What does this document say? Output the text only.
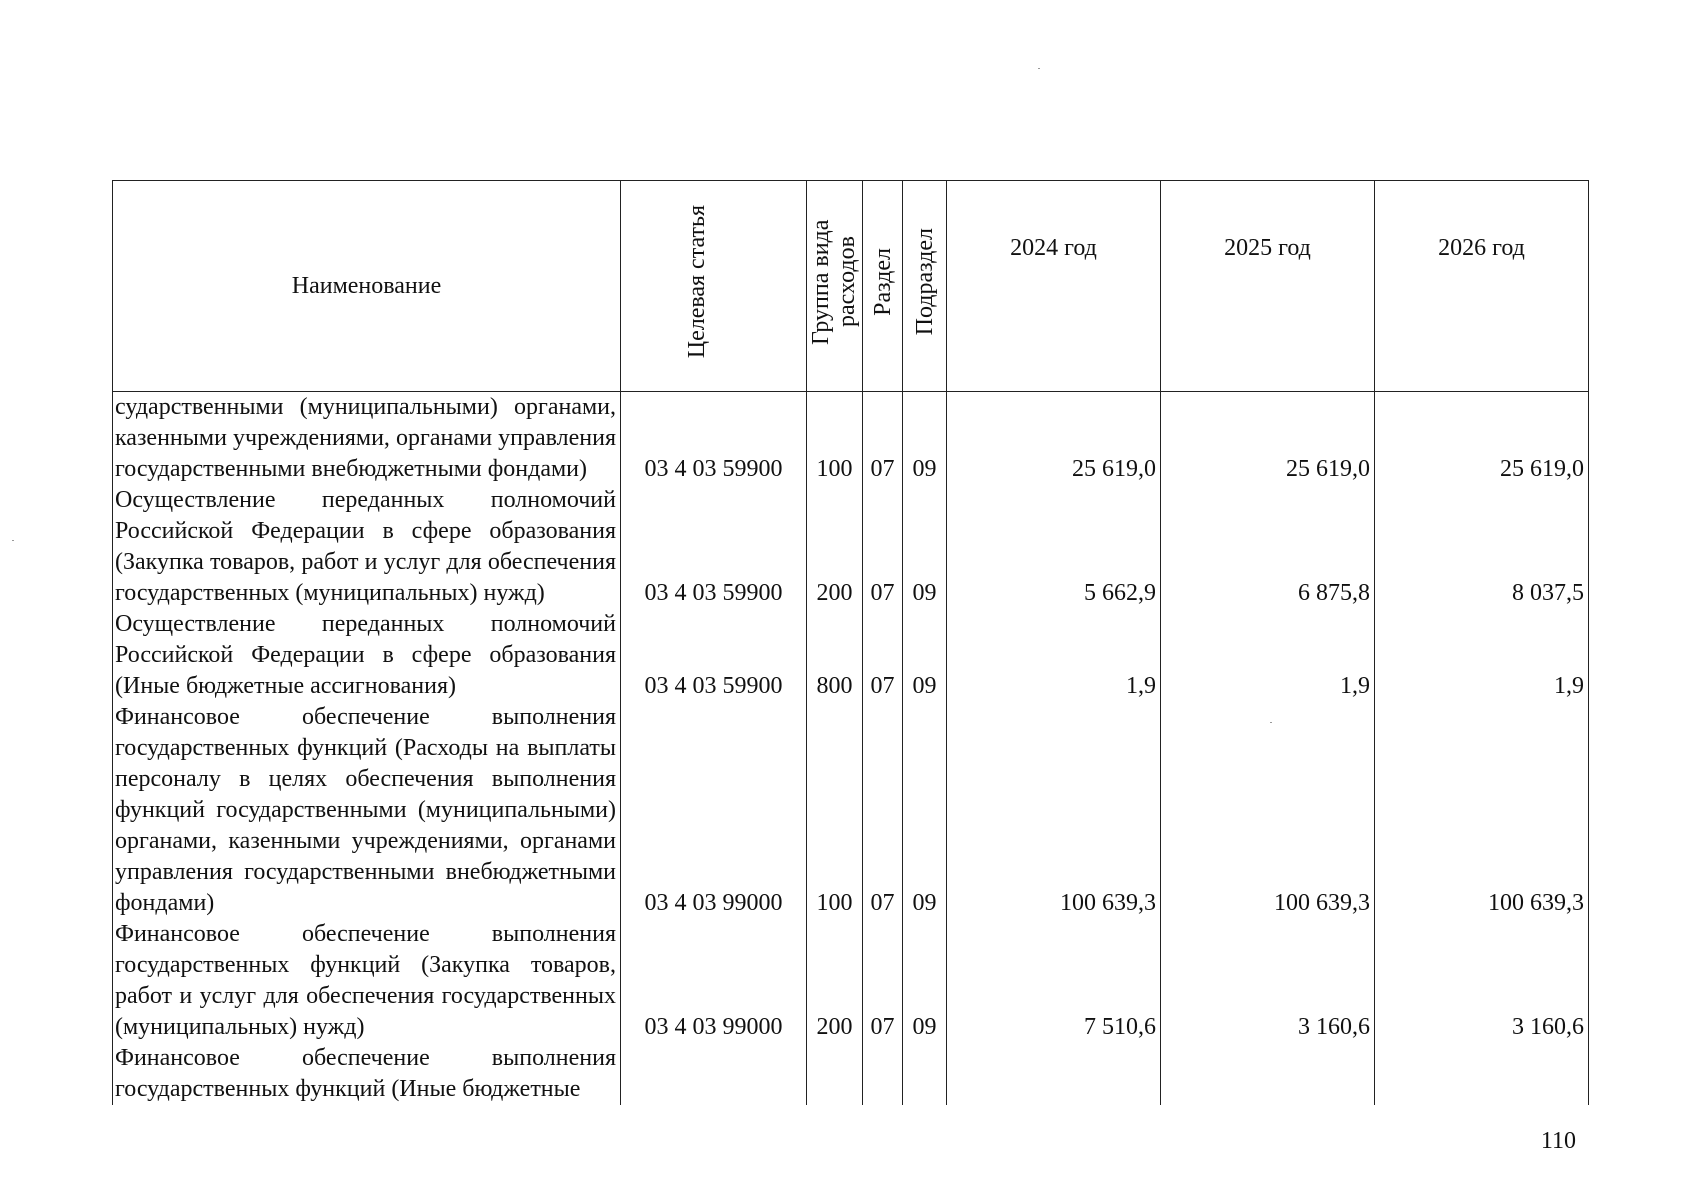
Наименование	Целевая статья	Группа вида расходов	Раздел	Подраздел	2024 год	2025 год	2026 год
сударственными (муниципальными) органами, казенными учреждениями, органами управления государственными внебюджетными фондами)	03 4 03 59900	100	07	09	25 619,0	25 619,0	25 619,0
Осуществление переданных полномочий Российской Федерации в сфере образования (Закупка товаров, работ и услуг для обеспечения государственных (муниципальных) нужд)	03 4 03 59900	200	07	09	5 662,9	6 875,8	8 037,5
Осуществление переданных полномочий Российской Федерации в сфере образования (Иные бюджетные ассигнования)	03 4 03 59900	800	07	09	1,9	1,9	1,9
Финансовое обеспечение выполнения государственных функций (Расходы на выплаты персоналу в целях обеспечения выполнения функций государственными (муниципальными) органами, казенными учреждениями, органами управления государственными внебюджетными фондами)	03 4 03 99000	100	07	09	100 639,3	100 639,3	100 639,3
Финансовое обеспечение выполнения государственных функций (Закупка товаров, работ и услуг для обеспечения государственных (муниципальных) нужд)	03 4 03 99000	200	07	09	7 510,6	3 160,6	3 160,6
Финансовое обеспечение выполнения государственных функций (Иные бюджетные							
110
